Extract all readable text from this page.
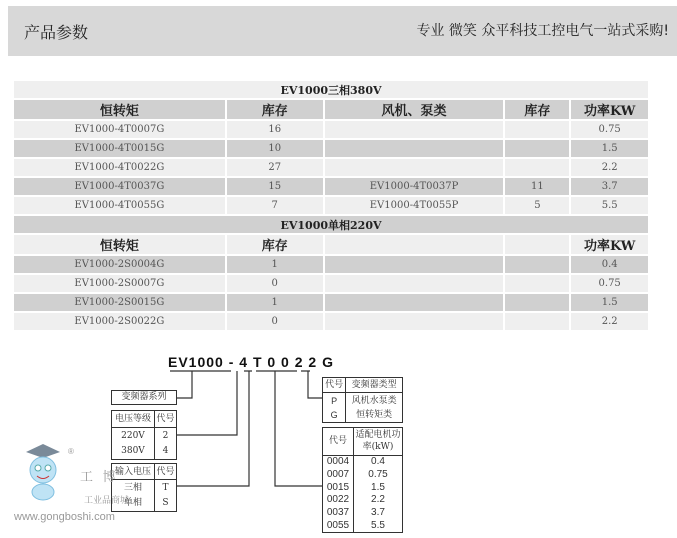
产品参数	专业 微笑 众平科技工控电气一站式采购!
EV1000三相380V				
恒转矩	库存	风机、泵类	库存	功率KW
EV1000-4T0007G	16			0.75
EV1000-4T0015G	10			1.5
EV1000-4T0022G	27			2.2
EV1000-4T0037G	15	EV1000-4T0037P	11	3.7
EV1000-4T0055G	7	EV1000-4T0055P	5	5.5
EV1000单相220V				
恒转矩	库存			功率KW
EV1000-2S0004G	1			0.4
EV1000-2S0007G	0			0.75
EV1000-2S0015G	1			1.5
EV1000-2S0022G	0			2.2
EV1000 - 4 T 0 0 2 2 G
变频器系列
电压等级	代号
220V	2
380V	4
输入电压	代号
三相	T
单相	S
代号	变频器类型
P	风机水泵类
G	恒转矩类
代号	适配电机功率(kW)
0004	0.4
0007	0.75
0015	1.5
0022	2.2
0037	3.7
0055	5.5
工 博
®
工业品商城
www.gongboshi.com
